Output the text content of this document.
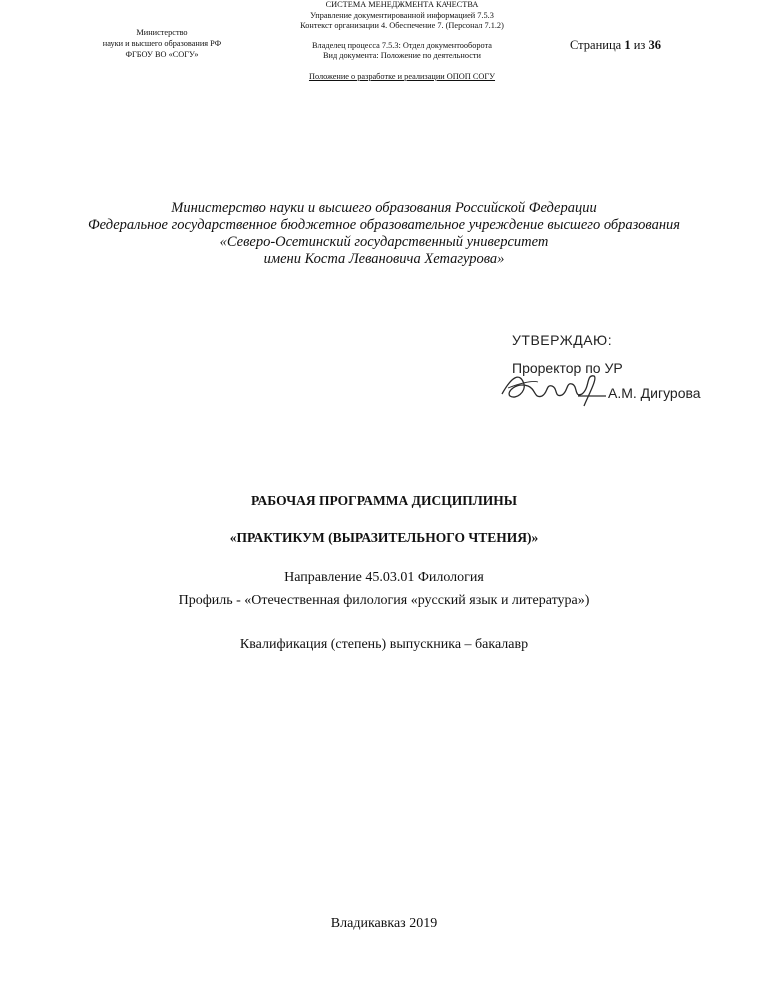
Министерство
науки и высшего образования РФ
ФГБОУ ВО «СОГУ»
СИСТЕМА МЕНЕДЖМЕНТА КАЧЕСТВА
Управление документированной информацией 7.5.3
Контекст организации 4. Обеспечение 7. (Персонал 7.1.2)
Владелец процесса 7.5.3: Отдел документооборота
Вид документа: Положение по деятельности
Положение о разработке и реализации ОПОП СОГУ
Страница 1 из 36
Министерство науки и высшего образования Российской Федерации
Федеральное государственное бюджетное образовательное учреждение высшего образования
«Северо-Осетинский государственный университет
имени Коста Левановича Хетагурова»
УТВЕРЖДАЮ:
Проректор по УР
А.М. Дигурова
РАБОЧАЯ ПРОГРАММА ДИСЦИПЛИНЫ
«ПРАКТИКУМ (ВЫРАЗИТЕЛЬНОГО ЧТЕНИЯ)»
Направление 45.03.01 Филология
Профиль - «Отечественная филология «русский язык и литература»)
Квалификация (степень) выпускника – бакалавр
Владикавказ 2019
